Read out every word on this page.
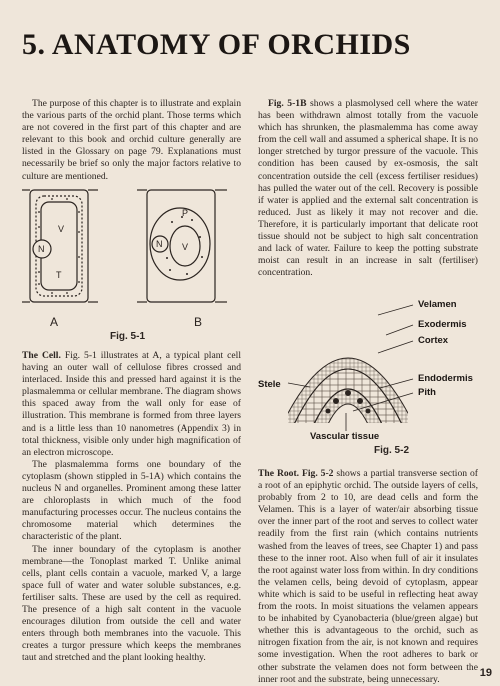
5. ANATOMY OF ORCHIDS

The purpose of this chapter is to illustrate and explain the various parts of the orchid plant. Those terms which are not covered in the first part of this chapter and are relevant to this book and orchid culture generally are listed in the Glossary on page 79. Explanations must necessarily be brief so only the major factors relative to culture are mentioned.

V
N
T
N
P
V
A	B
Fig. 5-1

The Cell. Fig. 5-1 illustrates at A, a typical plant cell having an outer wall of cellulose fibres crossed and interlaced. Inside this and pressed hard against it is the plasmalemma or cellular membrane. The diagram shows this spaced away from the wall only for ease of illustration. This membrane is formed from three layers and is a little less than 10 nanometres (Appendix 3) in total thickness, visible only under high magnification of an electron microscope.

The plasmalemma forms one boundary of the cytoplasm (shown stippled in 5-1A) which contains the nucleus N and organelles. Prominent among these latter are chloroplasts in which much of the food manufacturing processes occur. The nucleus contains the chromosome material which determines the characteristic of the plant.

The inner boundary of the cytoplasm is another membrane—the Tonoplast marked T. Unlike animal cells, plant cells contain a vacuole, marked V, a large space full of water and water soluble substances, e.g. fertiliser salts. These are used by the cell as required. The presence of a high salt content in the vacuole encourages dilution from outside the cell and water enters through both membranes into the vacuole. This creates a turgor pressure which keeps the membranes taut and stretched and the plant looking healthy.

Fig. 5-1B shows a plasmolysed cell where the water has been withdrawn almost totally from the vacuole which has shrunken, the plasmalemma has come away from the cell wall and assumed a spherical shape. It is no longer stretched by turgor pressure of the vacuole. This condition has been caused by ex-osmosis, the salt concentration outside the cell (excess fertiliser residues) has pulled the water out of the cell. Recovery is possible if water is applied and the external salt concentration is reduced. Just as likely it may not recover and die. Therefore, it is particularly important that delicate root tissue should not be subject to high salt concentration and lack of water. Failure to keep the potting substrate moist can result in an increase in salt (fertiliser) concentration.

Velamen
Exodermis
Cortex
Stele
Endodermis
Pith
Vascular tissue
Fig. 5-2

The Root. Fig. 5-2 shows a partial transverse section of a root of an epiphytic orchid. The outside layers of cells, probably from 2 to 10, are dead cells and form the Velamen. This is a layer of water/air absorbing tissue over the inner part of the root and serves to collect water readily from the first rain (which contains nutrients washed from the leaves of trees, see Chapter 1) and pass these to the inner root. Also when full of air it insulates the root against water loss from within. In dry conditions the velamen cells, being devoid of cytoplasm, appear white which is said to be useful in reflecting heat away from the roots. In moist situations the velamen appears to be inhabited by Cyanobacteria (blue/green algae) but whether this is advantageous to the orchid, such as nitrogen fixation from the air, is not known and requires some investigation. When the root adheres to bark or other substrate the velamen does not form between the inner root and the substrate, being unnecessary.

19
